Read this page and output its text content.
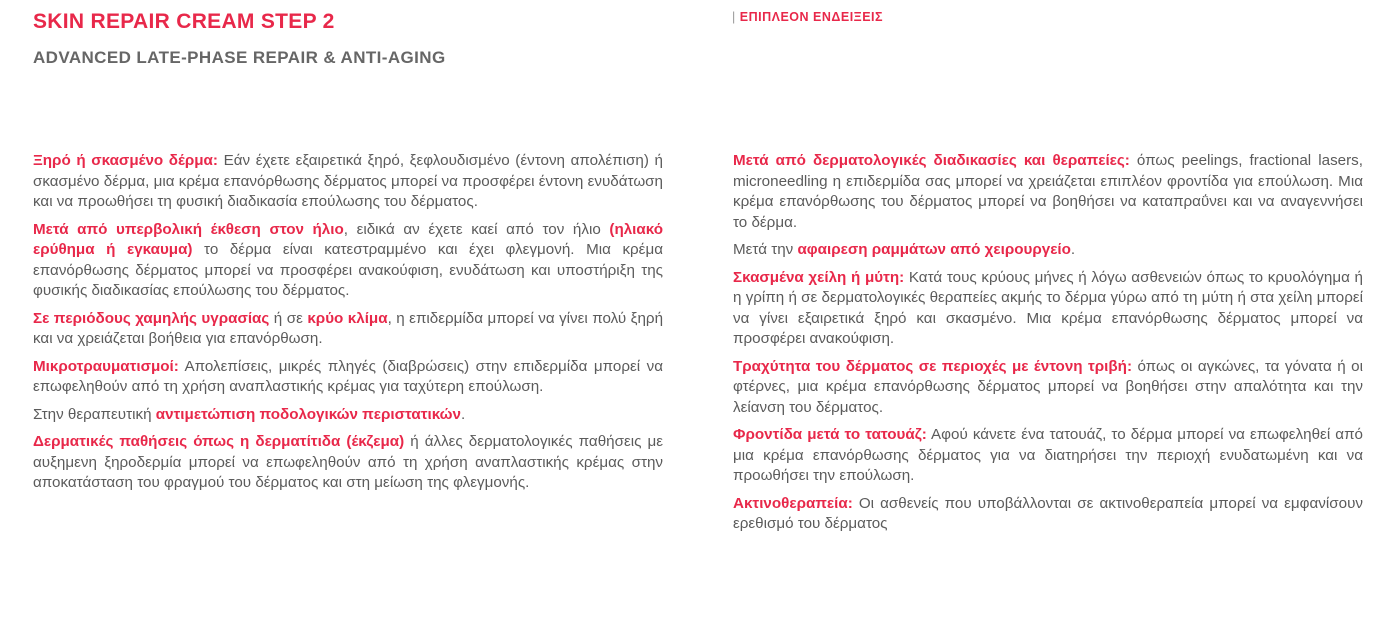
SKIN REPAIR CREAM STEP 2
ADVANCED LATE-PHASE REPAIR & ANTI-AGING
| ΕΠΙΠΛΕΟΝ ΕΝΔΕΙΞΕΙΣ

Ξηρό ή σκασμένο δέρμα: Εάν έχετε εξαιρετικά ξηρό, ξεφλουδισμένο (έντονη απολέπιση) ή σκασμένο δέρμα, μια κρέμα επανόρθωσης δέρματος μπορεί να προσφέρει έντονη ενυδάτωση και να προωθήσει τη φυσική διαδικασία επούλωσης του δέρματος.

Μετά από υπερβολική έκθεση στον ήλιο, ειδικά αν έχετε καεί από τον ήλιο (ηλιακό ερύθημα ή εγκαυμα) το δέρμα είναι κατεστραμμένο και έχει φλεγμονή. Μια κρέμα επανόρθωσης δέρματος μπορεί να προσφέρει ανακούφιση, ενυδάτωση και υποστήριξη της φυσικής διαδικασίας επούλωσης του δέρματος.

Σε περιόδους χαμηλής υγρασίας ή σε κρύο κλίμα, η επιδερμίδα μπορεί να γίνει πολύ ξηρή και να χρειάζεται βοήθεια για επανόρθωση.

Μικροτραυματισμοί: Απολεπίσεις, μικρές πληγές (διαβρώσεις) στην επιδερμίδα μπορεί να επωφεληθούν από τη χρήση αναπλαστικής κρέμας για ταχύτερη επούλωση.

Στην θεραπευτική αντιμετώπιση ποδολογικών περιστατικών.

Δερματικές παθήσεις όπως η δερματίτιδα (έκζεμα) ή άλλες δερματολογικές παθήσεις με αυξημενη ξηροδερμία μπορεί να επωφεληθούν από τη χρήση αναπλαστικής κρέμας στην αποκατάσταση του φραγμού του δέρματος και στη μείωση της φλεγμονής.

Μετά από δερματολογικές διαδικασίες και θεραπείες: όπως peelings, fractional lasers, microneedling η επιδερμίδα σας μπορεί να χρειάζεται επιπλέον φροντίδα για επούλωση. Μια κρέμα επανόρθωσης του δέρματος μπορεί να βοηθήσει να καταπραΰνει και να αναγεννήσει το δέρμα.

Μετά την αφαιρεση ραμμάτων από χειρουργείο.

Σκασμένα χείλη ή μύτη: Κατά τους κρύους μήνες ή λόγω ασθενειών όπως το κρυολόγημα ή η γρίπη ή σε δερματολογικές θεραπείες ακμής το δέρμα γύρω από τη μύτη ή στα χείλη μπορεί να γίνει εξαιρετικά ξηρό και σκασμένο. Μια κρέμα επανόρθωσης δέρματος μπορεί να προσφέρει ανακούφιση.

Τραχύτητα του δέρματος σε περιοχές με έντονη τριβή: όπως οι αγκώνες, τα γόνατα ή οι φτέρνες, μια κρέμα επανόρθωσης δέρματος μπορεί να βοηθήσει στην απαλότητα και την λείανση του δέρματος.

Φροντίδα μετά το τατουάζ: Αφού κάνετε ένα τατουάζ, το δέρμα μπορεί να επωφεληθεί από μια κρέμα επανόρθωσης δέρματος για να διατηρήσει την περιοχή ενυδατωμένη και να προωθήσει την επούλωση.

Ακτινοθεραπεία: Οι ασθενείς που υποβάλλονται σε ακτινοθεραπεία μπορεί να εμφανίσουν ερεθισμό του δέρματος
